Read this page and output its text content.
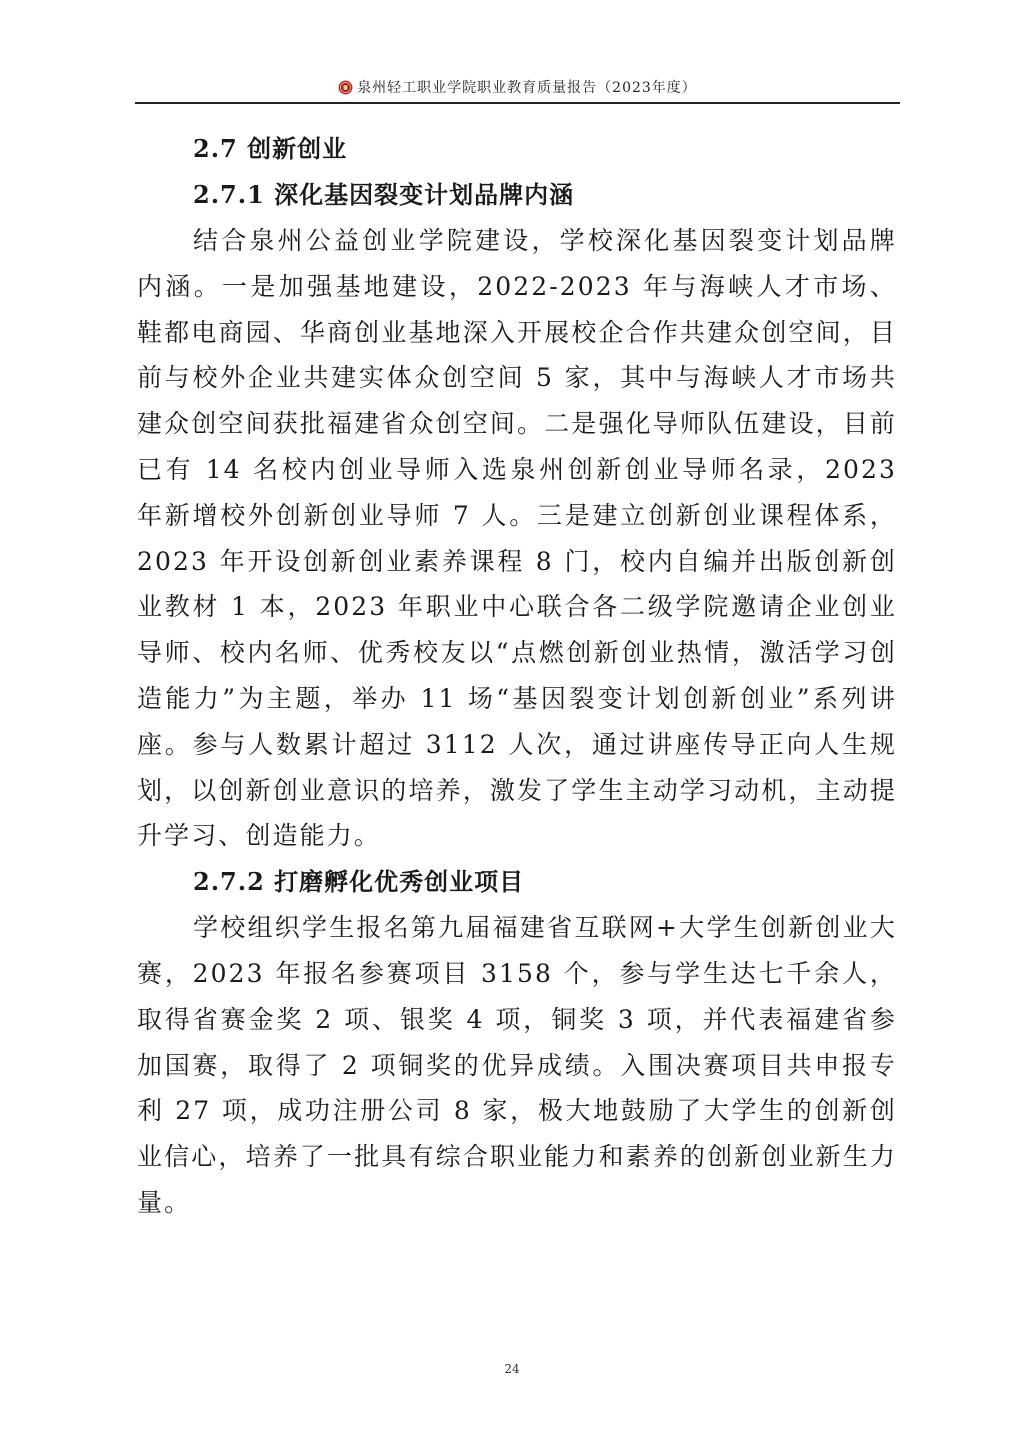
泉州轻工职业学院职业教育质量报告（2023年度）
2.7 创新创业
2.7.1 深化基因裂变计划品牌内涵

结合泉州公益创业学院建设，学校深化基因裂变计划品牌内涵。一是加强基地建设，2022-2023 年与海峡人才市场、鞋都电商园、华商创业基地深入开展校企合作共建众创空间，目前与校外企业共建实体众创空间 5 家，其中与海峡人才市场共建众创空间获批福建省众创空间。二是强化导师队伍建设，目前已有 14 名校内创业导师入选泉州创新创业导师名录，2023 年新增校外创新创业导师 7 人。三是建立创新创业课程体系，2023 年开设创新创业素养课程 8 门，校内自编并出版创新创业教材 1 本，2023 年职业中心联合各二级学院邀请企业创业导师、校内名师、优秀校友以“点燃创新创业热情，激活学习创造能力”为主题，举办 11 场“基因裂变计划创新创业”系列讲座。参与人数累计超过 3112 人次，通过讲座传导正向人生规划，以创新创业意识的培养，激发了学生主动学习动机，主动提升学习、创造能力。

2.7.2 打磨孵化优秀创业项目

学校组织学生报名第九届福建省互联网+大学生创新创业大赛，2023 年报名参赛项目 3158 个，参与学生达七千余人，取得省赛金奖 2 项、银奖 4 项，铜奖 3 项，并代表福建省参加国赛，取得了 2 项铜奖的优异成绩。入围决赛项目共申报专利 27 项，成功注册公司 8 家，极大地鼓励了大学生的创新创业信心，培养了一批具有综合职业能力和素养的创新创业新生力量。

24
